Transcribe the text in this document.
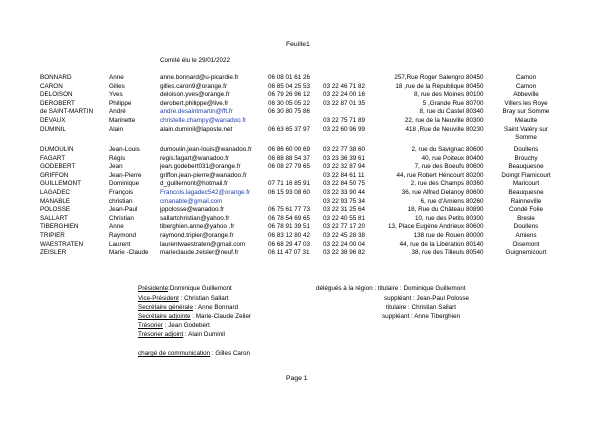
Feuille1
Comité élu le 29/01/2022
BONNARD	Anne	anne.bonnard@u-picardie.fr	06 08 01 61 26	257,Rue Roger Salengro 80450	Camon
CARON	Gilles	gilles.caron9@orange.fr	06 85 04 25 53 03 22 46 71 82	18 ,rue de la République 80450	Camon
DELOISON	Yves	deloison.yves@orange.fr	06 79 26 96 12 03 22 24 00 16	8, rue des Moines 80100	Abbeville
DEROBERT	Philippe	derobert.philippe@live.fr	06 30 05 05 22 03 22 87 01 35	5 ,Grande Rue 80700	Villers les Roye
de SAINT-MARTIN	André	andre.desaintmartin@fft.fr	06 30 80 75 86	8, rue du Castel 80340	Bray sur Somme
DEVAUX	Marinette	christelle.champy@wanadoo.fr	03 22 75 71 89	22, rue de la Neuville 80300	Méaulte
DUMINIL	Alain	alain.duminil@laposte.net	06 63 65 37 97 03 22 60 96 99	418 ,Rue de Neuville 80230	Saint Valéry sur
Somme
DUMOULIN	Jean-Louis	dumoulin.jean-louis@wanadoo.fr	06 86 60 00 69 03 22 77 38 60	2, rue du Savignac 80600	Doullens
FAGART	Régis	regis.fagart@wanadoo.fr	06 88 88 54 37 03 23 36 39 61	40, rue Poiteux 80400	Brouchy
GODEBERT	Jean	jean.godebert031@orange.fr	06 08 27 79 65 03 22 32 87 94	7, rue des Boeufs 80600	Beauquesne
GRIFFON	Jean-Pierre	griffon.jean-pierre@wanadoo.fr	03 22 84 61 11	44, rue Robert Héncourt 80200	Doingt Flamicourt
GUILLEMONT	Dominique	d_guillemont@hotmail.fr	07 71 16 85 91 03 22 84 50 75	2, rue des Champs 80360	Maricourt
LAGADEC	François	Francois.lagadec542@orange.fr	06 15 93 08 60 03 22 33 90 44	36, rue Alfred Delanoy 80600	Beauquesne
MANABLE	christian	cmanable@gmail.com	03 22 93 75 34	6, rue d'Amiens 80260	Rainneville
POLOSSE	Jean-Paul	jppolosse@wanadoo.fr	06 75 61 77 73 03 22 31 25 64	18, Rue du Château 80890	Condé Folie
SALLART	Christian	sallartchristian@yahoo.fr	06 78 54 69 65 03 22 40 55 81	10, rue des Petits 80300	Bresle
TIBERGHIEN	Anne	tiberghien.anne@yahoo .fr	06 78 91 39 51 03 22 77 17 20	13, Place Eugène Andrieux 80600	Doullens
TRIPIER	Raymond	raymond.tripier@orange.fr	06 83 12 80 42 03 22 45 28 38	138 rue de Rouen 80000	Amiens
WAESTRATEN	Laurent	laurentwaestraten@gmail.com	06 68 29 47 03 03 22 24 00 04	44, rue de la Libération 80140	Oisemont
ZEISLER	Marie -Claude marieclaude.zeisler@neuf.fr	06 11 47 07 31 03 22 38 96 82	38, rue des Tilleuls 80540	Guignemicourt
Présidente:Dominique Guillemont
Vice-Président : Christian Sallart
Secrétaire générale : Anne Bonnard
Secrétaire adjointe : Marie-Claude Zeiler
Trésorier : Jean Godebert
Trésorier adjoint : Alain Duminil
chargé de communication : Gilles Caron
délégués à la région : titulaire : Dominique Guillemont
suppléant : Jean-Paul Polosse
titulaire : Christian Sallart
suppléant : Anne Tiberghien
Page 1
